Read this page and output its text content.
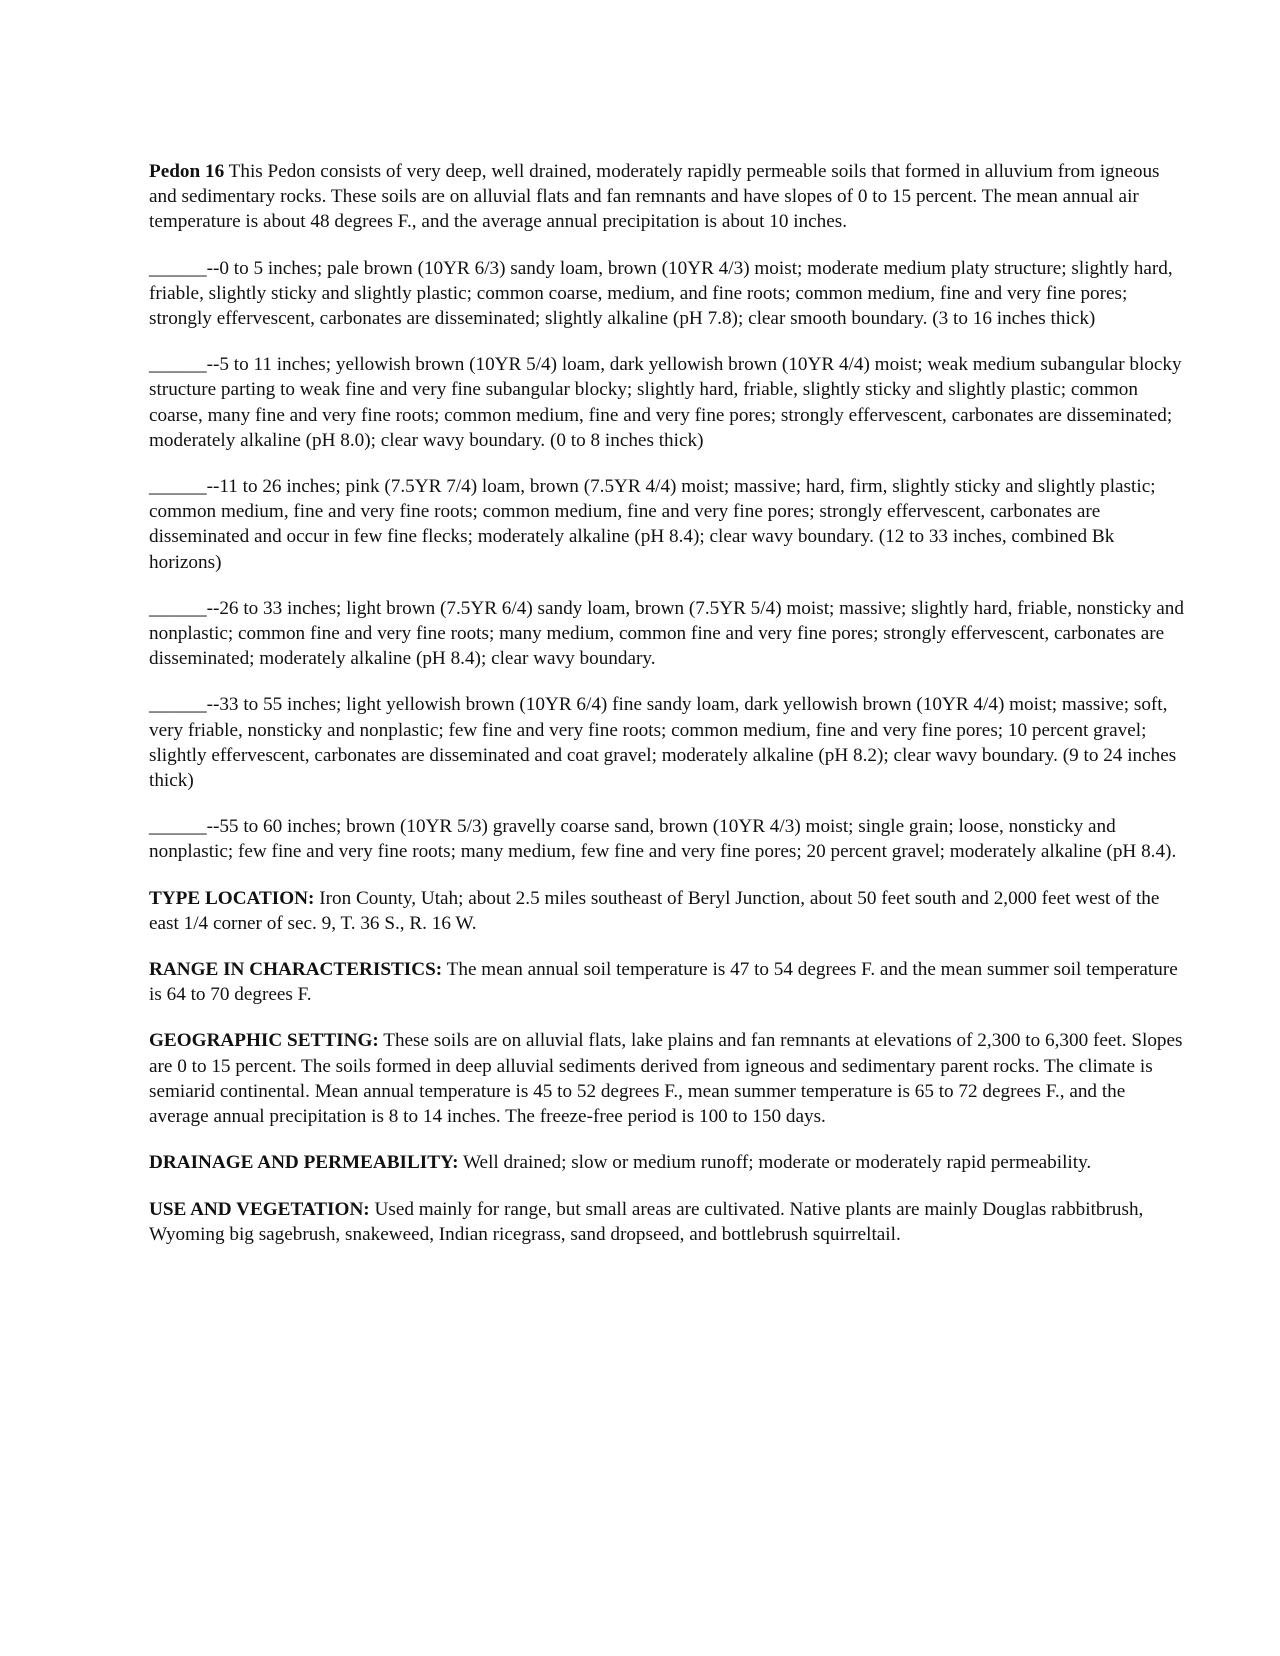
Pedon 16 This Pedon consists of very deep, well drained, moderately rapidly permeable soils that formed in alluvium from igneous and sedimentary rocks. These soils are on alluvial flats and fan remnants and have slopes of 0 to 15 percent. The mean annual air temperature is about 48 degrees F., and the average annual precipitation is about 10 inches.

______--0 to 5 inches; pale brown (10YR 6/3) sandy loam, brown (10YR 4/3) moist; moderate medium platy structure; slightly hard, friable, slightly sticky and slightly plastic; common coarse, medium, and fine roots; common medium, fine and very fine pores; strongly effervescent, carbonates are disseminated; slightly alkaline (pH 7.8); clear smooth boundary. (3 to 16 inches thick)

______--5 to 11 inches; yellowish brown (10YR 5/4) loam, dark yellowish brown (10YR 4/4) moist; weak medium subangular blocky structure parting to weak fine and very fine subangular blocky; slightly hard, friable, slightly sticky and slightly plastic; common coarse, many fine and very fine roots; common medium, fine and very fine pores; strongly effervescent, carbonates are disseminated; moderately alkaline (pH 8.0); clear wavy boundary. (0 to 8 inches thick)

______--11 to 26 inches; pink (7.5YR 7/4) loam, brown (7.5YR 4/4) moist; massive; hard, firm, slightly sticky and slightly plastic; common medium, fine and very fine roots; common medium, fine and very fine pores; strongly effervescent, carbonates are disseminated and occur in few fine flecks; moderately alkaline (pH 8.4); clear wavy boundary. (12 to 33 inches, combined Bk horizons)

______--26 to 33 inches; light brown (7.5YR 6/4) sandy loam, brown (7.5YR 5/4) moist; massive; slightly hard, friable, nonsticky and nonplastic; common fine and very fine roots; many medium, common fine and very fine pores; strongly effervescent, carbonates are disseminated; moderately alkaline (pH 8.4); clear wavy boundary.

______--33 to 55 inches; light yellowish brown (10YR 6/4) fine sandy loam, dark yellowish brown (10YR 4/4) moist; massive; soft, very friable, nonsticky and nonplastic; few fine and very fine roots; common medium, fine and very fine pores; 10 percent gravel; slightly effervescent, carbonates are disseminated and coat gravel; moderately alkaline (pH 8.2); clear wavy boundary. (9 to 24 inches thick)

______--55 to 60 inches; brown (10YR 5/3) gravelly coarse sand, brown (10YR 4/3) moist; single grain; loose, nonsticky and nonplastic; few fine and very fine roots; many medium, few fine and very fine pores; 20 percent gravel; moderately alkaline (pH 8.4).

TYPE LOCATION: Iron County, Utah; about 2.5 miles southeast of Beryl Junction, about 50 feet south and 2,000 feet west of the east 1/4 corner of sec. 9, T. 36 S., R. 16 W.

RANGE IN CHARACTERISTICS: The mean annual soil temperature is 47 to 54 degrees F. and the mean summer soil temperature is 64 to 70 degrees F.

GEOGRAPHIC SETTING: These soils are on alluvial flats, lake plains and fan remnants at elevations of 2,300 to 6,300 feet. Slopes are 0 to 15 percent. The soils formed in deep alluvial sediments derived from igneous and sedimentary parent rocks. The climate is semiarid continental. Mean annual temperature is 45 to 52 degrees F., mean summer temperature is 65 to 72 degrees F., and the average annual precipitation is 8 to 14 inches. The freeze-free period is 100 to 150 days.

DRAINAGE AND PERMEABILITY: Well drained; slow or medium runoff; moderate or moderately rapid permeability.

USE AND VEGETATION: Used mainly for range, but small areas are cultivated. Native plants are mainly Douglas rabbitbrush, Wyoming big sagebrush, snakeweed, Indian ricegrass, sand dropseed, and bottlebrush squirreltail.
